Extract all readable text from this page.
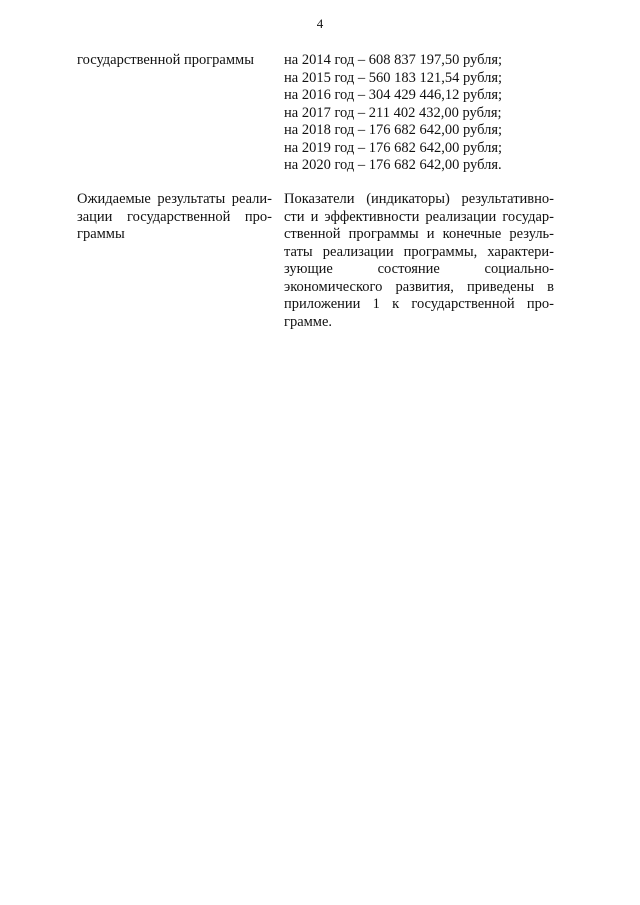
4
государственной программы	на 2014 год – 608 837 197,50 рубля;
на 2015 год – 560 183 121,54 рубля;
на 2016 год – 304 429 446,12 рубля;
на 2017 год – 211 402 432,00 рубля;
на 2018 год – 176 682 642,00 рубля;
на 2019 год – 176 682 642,00 рубля;
на 2020 год – 176 682 642,00 рубля.
Ожидаемые результаты реали-
зации государственной про-
граммы
Показатели (индикаторы) результативно-
сти и эффективности реализации государ-
ственной программы и конечные резуль-
таты реализации программы, характери-
зующие состояние социально-
экономического развития, приведены в
приложении 1 к государственной про-
грамме.
